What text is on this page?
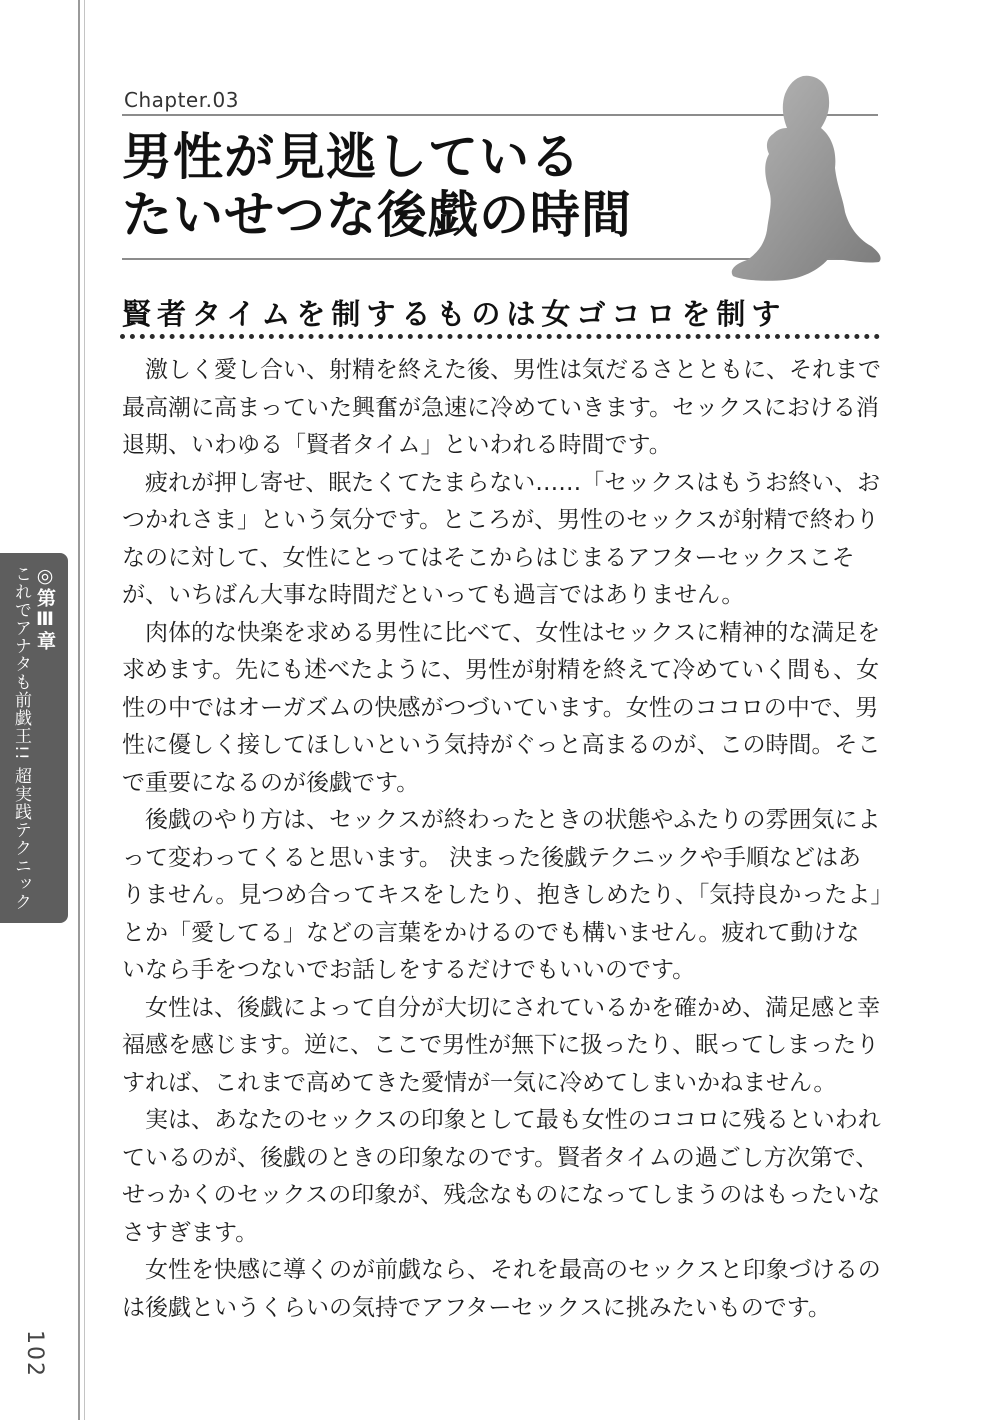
◎第Ⅲ章
これでアナタも前戯王!! 超実践テクニック
102
Chapter.03
男性が見逃している
たいせつな後戯の時間
賢者タイムを制するものは女ゴコロを制す

激しく愛し合い、射精を終えた後、男性は気だるさとともに、それまで最高潮に高まっていた興奮が急速に冷めていきます。セックスにおける消退期、いわゆる「賢者タイム」といわれる時間です。

疲れが押し寄せ、眠たくてたまらない……「セックスはもうお終い、おつかれさま」という気分です。ところが、男性のセックスが射精で終わりなのに対して、女性にとってはそこからはじまるアフターセックスこそが、いちばん大事な時間だといっても過言ではありません。

肉体的な快楽を求める男性に比べて、女性はセックスに精神的な満足を求めます。先にも述べたように、男性が射精を終えて冷めていく間も、女性の中ではオーガズムの快感がつづいています。女性のココロの中で、男性に優しく接してほしいという気持がぐっと高まるのが、この時間。そこで重要になるのが後戯です。

後戯のやり方は、セックスが終わったときの状態やふたりの雰囲気によって変わってくると思います。 決まった後戯テクニックや手順などはありません。見つめ合ってキスをしたり、抱きしめたり、「気持良かったよ」とか「愛してる」などの言葉をかけるのでも構いません。疲れて動けないなら手をつないでお話しをするだけでもいいのです。

女性は、後戯によって自分が大切にされているかを確かめ、満足感と幸福感を感じます。逆に、ここで男性が無下に扱ったり、眠ってしまったりすれば、これまで高めてきた愛情が一気に冷めてしまいかねません。

実は、あなたのセックスの印象として最も女性のココロに残るといわれているのが、後戯のときの印象なのです。賢者タイムの過ごし方次第で、せっかくのセックスの印象が、残念なものになってしまうのはもったいなさすぎます。

女性を快感に導くのが前戯なら、それを最高のセックスと印象づけるのは後戯というくらいの気持でアフターセックスに挑みたいものです。
